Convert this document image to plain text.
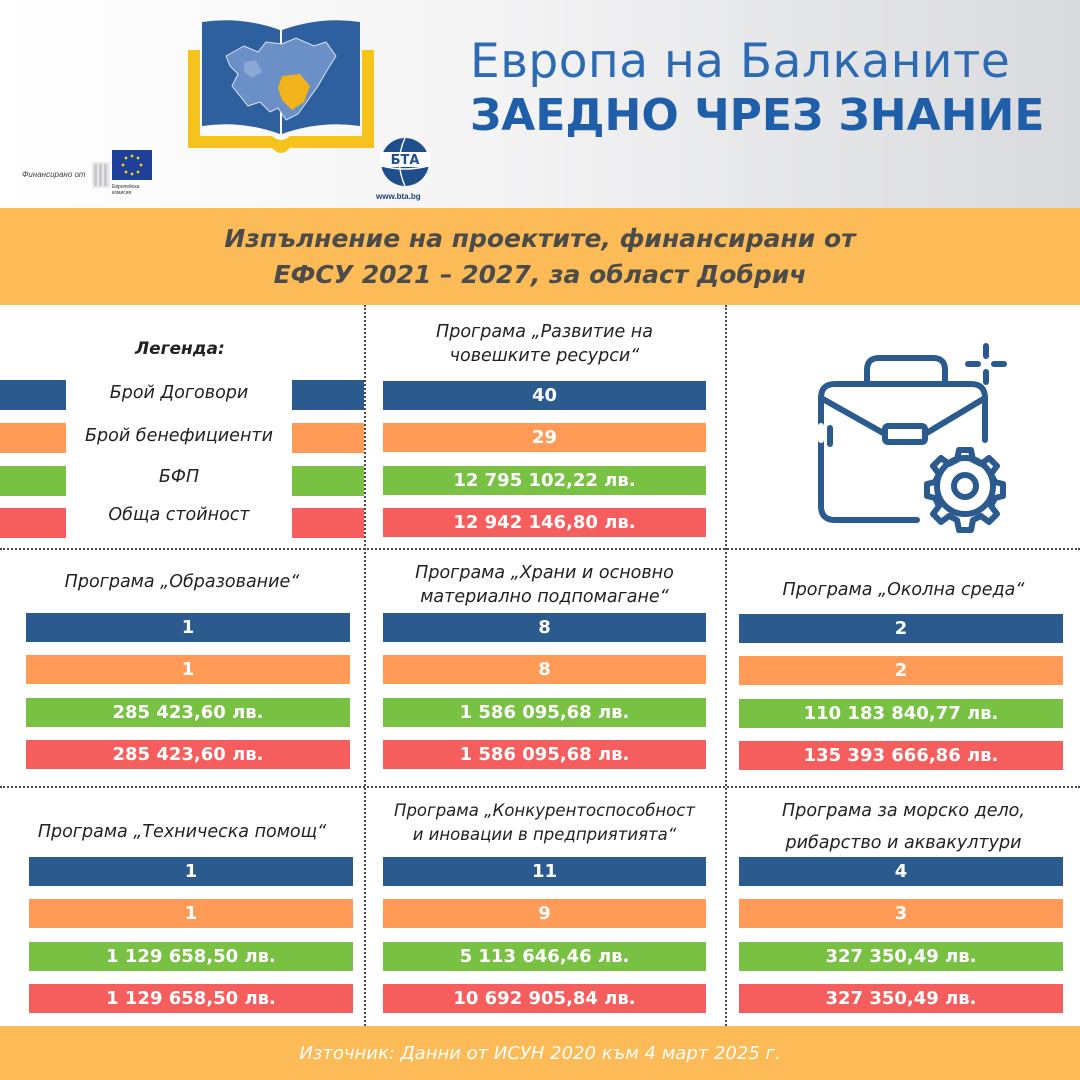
Финансирано от
Европейска комисия
БТА
www.bta.bg
Европа на Балканите
ЗАЕДНО ЧРЕЗ ЗНАНИЕ
Изпълнение на проектите, финансирани от
ЕФСУ 2021 – 2027, за област Добрич
Легенда:
Брой Договори
Брой бенефициенти
БФП
Обща стойност
Програма „Развитие на
човешките ресурси“
40
29
12 795 102,22 лв.
12 942 146,80 лв.
Програма „Образование“
1
1
285 423,60 лв.
285 423,60 лв.
Програма „Храни и основно
материално подпомагане“
8
8
1 586 095,68 лв.
1 586 095,68 лв.
Програма „Околна среда“
2
2
110 183 840,77 лв.
135 393 666,86 лв.
Програма „Техническа помощ“
1
1
1 129 658,50 лв.
1 129 658,50 лв.
Програма „Конкурентоспособност
и иновации в предприятията“
11
9
5 113 646,46 лв.
10 692 905,84 лв.
Програма за морско дело,
рибарство и аквакултури
4
3
327 350,49 лв.
327 350,49 лв.
Източник: Данни от ИСУН 2020 към 4 март 2025 г.
